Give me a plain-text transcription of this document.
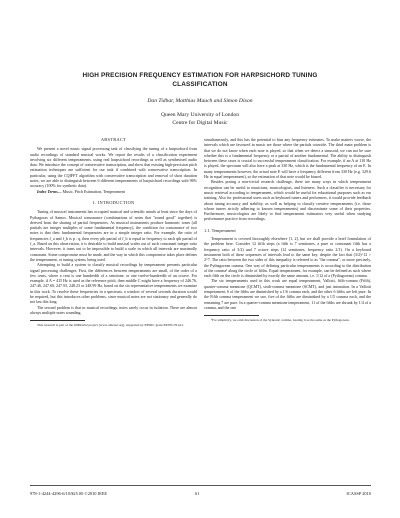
HIGH PRECISION FREQUENCY ESTIMATION FOR HARPSICHORD TUNING
CLASSIFICATION
Dan Tidhar, Matthias Mauch and Simon Dixon
Queen Mary University of London
Centre for Digital Music
ABSTRACT

We present a novel music signal processing task of classifying the tuning of a harpsichord from audio recordings of standard musical works. We report the results of a classification experiment involving six different temperaments, using real harpsichord recordings as well as synthesised audio data. We introduce the concept of conservative transcription, and show that existing high-precision pitch estimation techniques are sufficient for our task if combined with conservative transcription. In particular, using the CQIFFT algorithm with conservative transcription and removal of short duration notes, we are able to distinguish between 6 different temperaments of harpsichord recordings with 96% accuracy (100% for synthetic data).

Index Terms— Music, Pitch Estimation, Temperament

1. INTRODUCTION

Tuning of musical instruments has occupied musical and scientific minds at least since the days of Pythagoras of Samos. Musical consonance (combinations of notes that "sound good" together) is derived from the sharing of partial frequencies. As musical instruments produce harmonic tones (all partials are integer multiples of some fundamental frequency), the condition for consonance of two notes is that their fundamental frequencies are in a simple integer ratio. For example, the ratio of frequencies f_a and f_b is p : q, then every pth partial of f_b is equal in frequency to each qth partial of f_a. Based on this observation, it is desirable to build musical scales out of such consonant integer ratio intervals. However, it turns out to be impossible to build a scale in which all intervals are maximally consonant. Some compromise must be made, and the way in which this compromise takes place defines the temperament, or tuning system, being used.

Attempting to build a system to classify musical recordings by temperament presents particular signal processing challenges. First, the differences between temperaments are small, of the order of a few cents, where a cent is one hundredth of a semitone, or one twelve-hundredth of an octave. For example, if A = 415 Hz is used as the reference pitch, then middle C might have a frequency of 246.76, 247.46, 247.60, 247.93, 248.23 or 248.99 Hz, based on the six representative temperaments we examine in this work. To resolve these frequencies in a spectrum, a window of several seconds duration would be required, but this introduces other problems, since musical notes are not stationary and generally do not last this long.

The second problem is that in musical recordings, notes rarely occur in isolation. There are almost always multiple notes sounding

This research is part of the OMRAS2 project (www.omras2.org), supported by EPSRC grant EP/E017614/1.

simultaneously, and this has the potential to bias any frequency estimates. To make matters worse, the intervals which are favoured in music are those where the partials coincide. The third main problem is that we do not know when each note is played, so that when we detect a sinusoid, we can not be sure whether this is a fundamental frequency or a partial of another fundamental. The ability to distinguish between these cases is crucial to successful temperament classification. For example, if an A at 110 Hz is played, the spectrum will also have a peak at 330 Hz, which is the fundamental frequency of an E. In many temperaments however, the actual note E will have a frequency different from 330 Hz (e.g. 329.6 Hz in equal temperament), so the estimation of that note would be biased.

Besides posing a non-trivial research challenge, there are many ways in which temperament recognition can be useful to musicians, musicologists, and listeners. Such a classifier is necessary for music retrieval according to temperament, which would be useful for educational purposes such as ear training. Also for professional users such as keyboard tuners and performers, it would provide feedback about tuning accuracy and stability, as well as helping to classify creative temperaments (i.e. those whose tuners strictly adhering to known temperaments) and discriminate some of their properties. Furthermore, musicologists are likely to find temperament estimators very useful when studying performance practice from recordings.

1.1. Temperament

Temperament is covered thoroughly elsewhere [1, 2], but we shall provide a brief formulation of the problem here. Consider 12 fifth steps (a fifth is 7 semitones, a pure or consonant fifth has a frequency ratio of 3/2) and 7 octave steps (12 semitones, frequency ratio 2/1). On a keyboard instrument both of these sequences of intervals lead to the same key, despite the fact that (3/2)^12 > 2^7. The ratio between the two sides of this inequality is referred to as "the comma", or more precisely, the Pythagorean comma. One way of defining particular temperaments is according to the distribution of the comma¹ along the circle of fifths. Equal temperament, for example, can be defined as such where each fifth on the circle is diminished by exactly the same amount, i.e. 1/12 of a (Pythagorean) comma.

The six temperaments used in this work are equal temperament, Vallotti, fifth-comma (Fifth), quarter-comma meantone (QCMT), sixth-comma meantone (SCMT), and just intonation. In a Vallotti temperament, 6 of the fifths are diminished by a 1/6 comma each, and the other 6 fifths are left pure. In the Fifth comma temperament we use, five of the fifths are diminished by a 1/5 comma each, and the remaining 7 are pure. In a quarter-comma meantone temperament, 11 of the fifths are shrunk by 1/4 of a comma, and the one

¹For simplicity, we omit discussion of the Syntonic comma, treating it as the same as the Pythagorean.

978-1-4244-4296-6/10/$25.00 ©2010 IEEE	61	ICASSP 2010
